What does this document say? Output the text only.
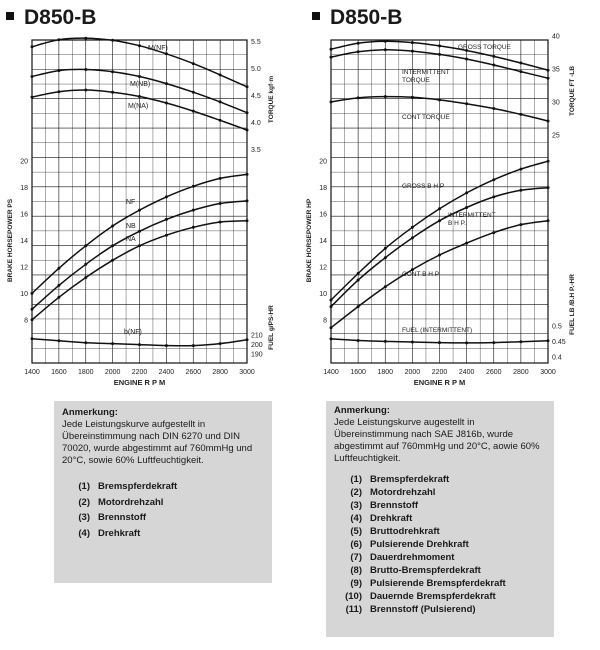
D850-B
1400 1600 1800 2000 2200 2400 2600 2800 3000
ENGINE R P M
8
10
12
14
16
18
20
BRAKE HORSEPOWER PS
3.5
4.0
4.5
5.0
5.5
TORQUE kgf·m
190
200
210 FUEL g/PS-HR
M(NF)
M(NB)
M(NA)
NF
NB
NA
b(NF)
Anmerkung:
Jede Leistungskurve aufgestellt in Übereinstimmung nach DIN 6270 und DIN 70020, wurde abgestimmt auf 760mmHg und 20°C, sowie 60% Luftfeuchtigkeit.
(1) Bremspferdekraft
(2) Motordrehzahl
(3) Brennstoff
(4) Drehkraft
D850-B
1400 1600 1800 2000 2200 2400 2600 2800 3000
ENGINE R P M
8
10
12
14
16
18
20
BRAKE HORSEPOWER HP
25
30
35
40
TORQUE FT -LB
0.4
0.45
0.5 FUEL LB /B.H P.-HR
GROSS TORQUE
INTERMITTENT
TORQUE
CONT TORQUE
GROSS B H P
INTERMITTENT
B H P.
CONT B H P
FUEL (INTERMITTENT)
Anmerkung:
Jede Leistungskurve augestellt in Übereinstimmung nach SAE J816b, wurde abgestimmt auf 760mmHg und 20°C, aowie 60% Luftfeuchtigkeit.
(1) Bremspferdekraft
(2) Motordrehzahl
(3) Brennstoff
(4) Drehkraft
(5) Bruttodrehkraft
(6) Pulsierende Drehkraft
(7) Dauerdrehmoment
(8) Brutto-Bremspferdekraft
(9) Pulsierende Bremspferdekraft
(10) Dauernde Bremspferdekraft
(11) Brennstoff (Pulsierend)
